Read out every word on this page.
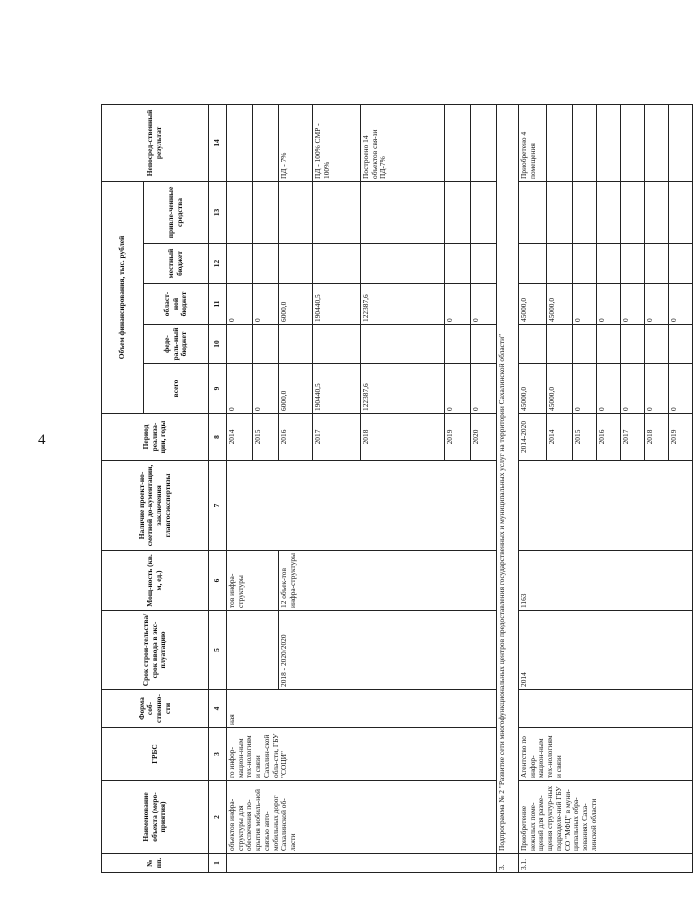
4
№ пп.	Наименование объекта (меро-приятия)	ГРБС	Форма соб-ственно-сти	Срок строи-тельства/срок ввода в экс-плуатацию	Мощ-ность (кв. м, ед.)	Наличие проект-но-сметной до-кументации, заключения главгосэкспертизы	Период реализа-ции, годы	Объем финансирования, тыс. рублей					Непосред-ственный результат
								всего	феде-раль-ный бюджет	област-ной бюджет	местный бюджет	привле-ченные средства	
1	2	3	4	5	6	7	8	9	10	11	12	13	14
	объектов инфра-структуры для обеспечения по-крытия мобиль-ной связью авто-мобильных дорог Сахалинской об-ласти	го инфор-мацион-ным тех-нологиям и связи Сахалин-ской обла-сти, ГБУ "СОЦИ"	ная		тов инфра-структуры		2014	0		0			
							2015	0		0			
				2018 - 2020/2020	12 объек-тов инфра-структуры		2016	6000,0		6000,0			ПД - 7%
							2017	190440,5		190440,5			ПД - 100% СМР - 100%
							2018	122387,6		122387,6			Построено 14 объектов свя-зи ПД-7%
							2019	0		0			
							2020	0		0			
3.	Подпрограмма № 2 "Развитие сети многофункциональных центров предоставления государственных и муниципальных услуг на территории Сахалинской области"												
3.1.	Приобретение нежилых поме-щений для разме-щения структур-ных подразделе-ний ГБУ СО "МФЦ" в муни-ципальных обра-зованиях Саха-линской области	Агентство по инфор-мацион-ным тех-нологиям и связи		2014	1163		2014-2020	45000,0		45000,0			Приобретено 4 помещения
							2014	45000,0		45000,0			
							2015	0		0			
							2016	0		0			
							2017	0		0			
							2018	0		0			
							2019	0		0			
